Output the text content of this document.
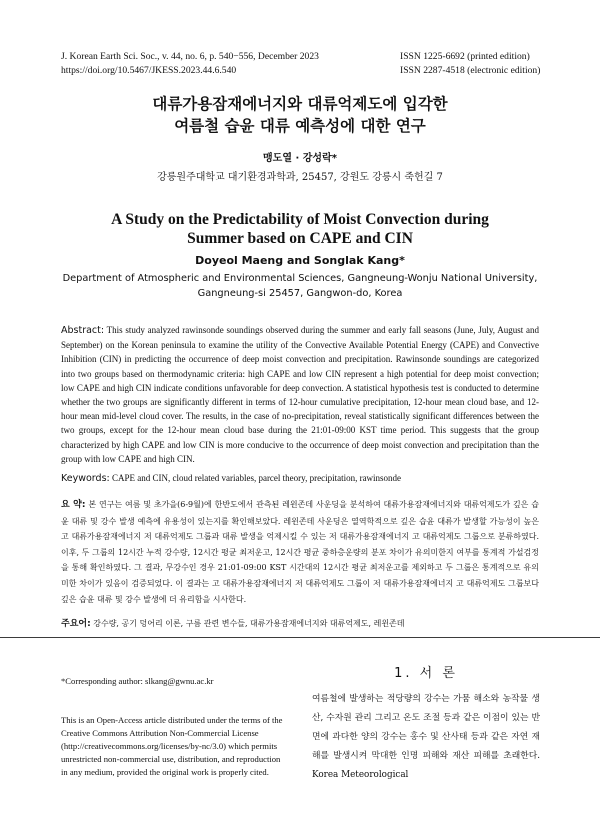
J. Korean Earth Sci. Soc., v. 44, no. 6, p. 540−556, December 2023
https://doi.org/10.5467/JKESS.2023.44.6.540
ISSN 1225-6692 (printed edition)
ISSN 2287-4518 (electronic edition)
대류가용잠재에너지와 대류억제도에 입각한
여름철 습윤 대류 예측성에 대한 연구
맹도열 · 강성락*
강릉원주대학교 대기환경과학과, 25457, 강원도 강릉시 죽헌길 7
A Study on the Predictability of Moist Convection during
Summer based on CAPE and CIN
Doyeol Maeng and Songlak Kang*
Department of Atmospheric and Environmental Sciences, Gangneung-Wonju National University,
Gangneung-si 25457, Gangwon-do, Korea
Abstract: This study analyzed rawinsonde soundings observed during the summer and early fall seasons (June, July, August and September) on the Korean peninsula to examine the utility of the Convective Available Potential Energy (CAPE) and Convective Inhibition (CIN) in predicting the occurrence of deep moist convection and precipitation. Rawinsonde soundings are categorized into two groups based on thermodynamic criteria: high CAPE and low CIN represent a high potential for deep moist convection; low CAPE and high CIN indicate conditions unfavorable for deep convection. A statistical hypothesis test is conducted to determine whether the two groups are significantly different in terms of 12-hour cumulative precipitation, 12-hour mean cloud base, and 12-hour mean mid-level cloud cover. The results, in the case of no-precipitation, reveal statistically significant differences between the two groups, except for the 12-hour mean cloud base during the 21:01-09:00 KST time period. This suggests that the group characterized by high CAPE and low CIN is more conducive to the occurrence of deep moist convection and precipitation than the group with low CAPE and high CIN.
Keywords: CAPE and CIN, cloud related variables, parcel theory, precipitation, rawinsonde
요 약: 본 연구는 여름 및 초가을(6-9월)에 한반도에서 관측된 레윈존데 사운딩을 분석하여 대류가용잠재에너지와 대류억제도가 깊은 습윤 대류 및 강수 발생 예측에 유용성이 있는지를 확인해보았다. 레윈존데 사운딩은 열역학적으로 깊은 습윤 대류가 발생할 가능성이 높은 고 대류가용잠재에너지 저 대류억제도 그룹과 대류 발생을 억제시킬 수 있는 저 대류가용잠재에너지 고 대류억제도 그룹으로 분류하였다. 이후, 두 그룹의 12시간 누적 강수량, 12시간 평균 최저운고, 12시간 평균 중하층운량의 분포 차이가 유의미한지 여부를 통계적 가설검정을 통해 확인하였다. 그 결과, 무강수인 경우 21:01-09:00 KST 시간대의 12시간 평균 최저운고를 제외하고 두 그룹은 통계적으로 유의미한 차이가 있음이 검증되었다. 이 결과는 고 대류가용잠재에너지 저 대류억제도 그룹이 저 대류가용잠재에너지 고 대류억제도 그룹보다 깊은 습윤 대류 및 강수 발생에 더 유리함을 시사한다.
주요어: 강수량, 공기 덩어리 이론, 구름 관련 변수들, 대류가용잠재에너지와 대류억제도, 레윈존데
*Corresponding author: slkang@gwnu.ac.kr
This is an Open-Access article distributed under the terms of the Creative Commons Attribution Non-Commercial License (http://creativecommons.org/licenses/by-nc/3.0) which permits unrestricted non-commercial use, distribution, and reproduction in any medium, provided the original work is properly cited.
1. 서 론
여름철에 발생하는 적당량의 강수는 가뭄 해소와 농작물 생산, 수자원 관리 그리고 온도 조절 등과 같은 이점이 있는 반면에 과다한 양의 강수는 홍수 및 산사태 등과 같은 자연 재해를 발생시켜 막대한 인명 피해와 재산 피해를 초래한다. Korea Meteorological
